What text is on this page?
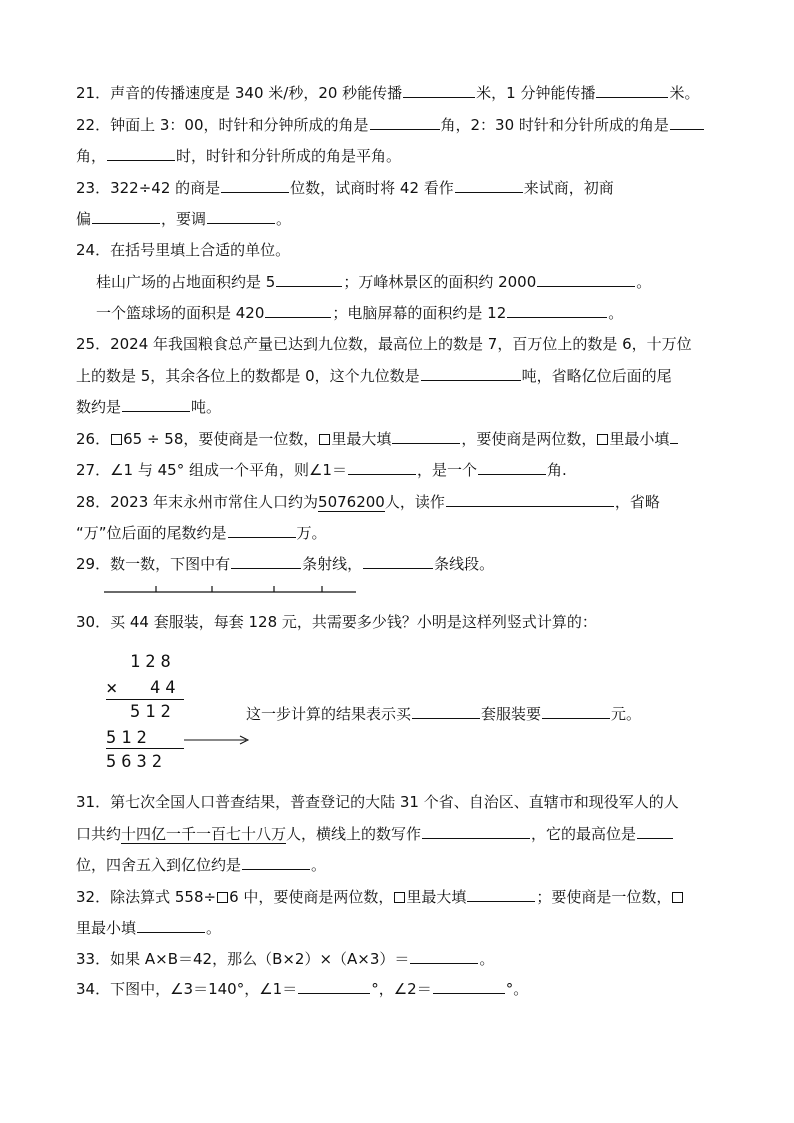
21．声音的传播速度是 340 米/秒，20 秒能传播	米，1 分钟能传播	米。
22．钟面上 3：00，时针和分钟所成的角是	角，2：30 时针和分针所成的角是
角，	时，时针和分针所成的角是平角。
23．322÷42 的商是	位数，试商时将 42 看作	来试商，初商
偏	，要调	。
24．在括号里填上合适的单位。
桂山广场的占地面积约是 5	；万峰林景区的面积约 2000	。
一个篮球场的面积是 420	；电脑屏幕的面积约是 12	。
25．2024 年我国粮食总产量已达到九位数，最高位上的数是 7，百万位上的数是 6，十万位
上的数是 5，其余各位上的数都是 0，这个九位数是	吨，省略亿位后面的尾
数约是	吨。
26． 65 ÷ 58，要使商是一位数， 里最大填	，要使商是两位数， 里最小填
27．∠1 与 45° 组成一个平角，则∠1＝	，是一个	角.
28．2023 年末永州市常住人口约为5076200人，读作	，省略
“万”位后面的尾数约是	万。
29．数一数，下图中有	条射线，	条线段。
30．买 44 套服装，每套 128 元，共需要多少钱？小明是这样列竖式计算的：
128
× 44
512
512
5632
这一步计算的结果表示买	套服装要	元。
31．第七次全国人口普查结果，普查登记的大陆 31 个省、自治区、直辖市和现役军人的人
口共约十四亿一千一百七十八万人，横线上的数写作	，它的最高位是
位，四舍五入到亿位约是	。
32．除法算式 558÷ 6 中，要使商是两位数， 里最大填	；要使商是一位数，
里最小填	。
33．如果 A×B＝42，那么（B×2）×（A×3）＝	。
34．下图中，∠3＝140°，∠1＝	°，∠2＝	°。
